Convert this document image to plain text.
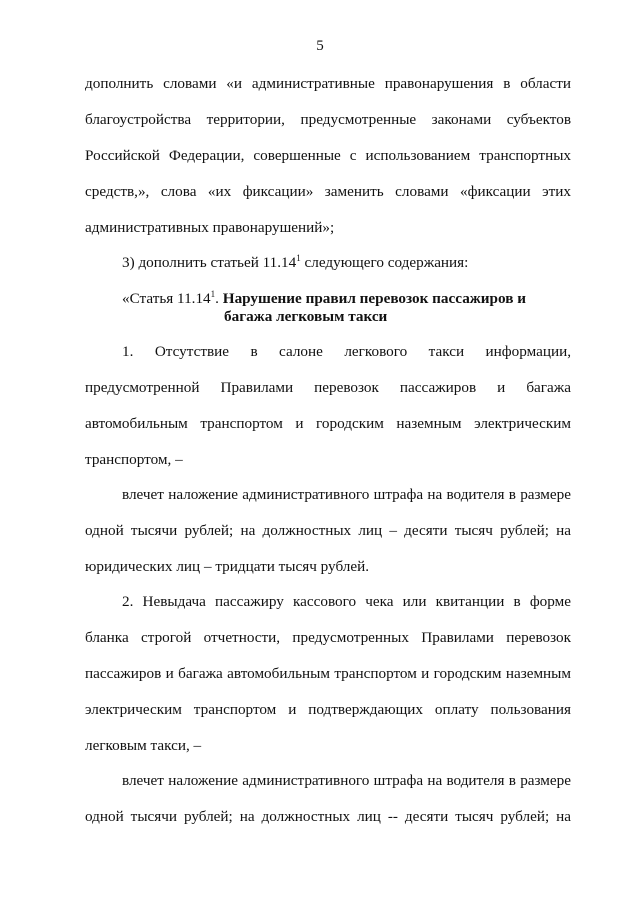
5
дополнить словами «и административные правонарушения в области
благоустройства территории, предусмотренные законами субъектов
Российской Федерации, совершенные с использованием транспортных
средств,», слова «их фиксации» заменить словами «фиксации этих
административных правонарушений»;
3) дополнить статьей 11.14$^1$ следующего содержания:
«Статья 11.14$^1$. Нарушение правил перевозок пассажиров и
багажа легковым такси
1. Отсутствие в салоне легкового такси информации,
предусмотренной Правилами перевозок пассажиров и багажа
автомобильным транспортом и городским наземным электрическим
транспортом, –
влечет наложение административного штрафа на водителя в размере
одной тысячи рублей; на должностных лиц – десяти тысяч рублей; на
юридических лиц – тридцати тысяч рублей.
2. Невыдача пассажиру кассового чека или квитанции в форме
бланка строгой отчетности, предусмотренных Правилами перевозок
пассажиров и багажа автомобильным транспортом и городским наземным
электрическим транспортом и подтверждающих оплату пользования
легковым такси, –
влечет наложение административного штрафа на водителя в размере
одной тысячи рублей; на должностных лиц -- десяти тысяч рублей; на
